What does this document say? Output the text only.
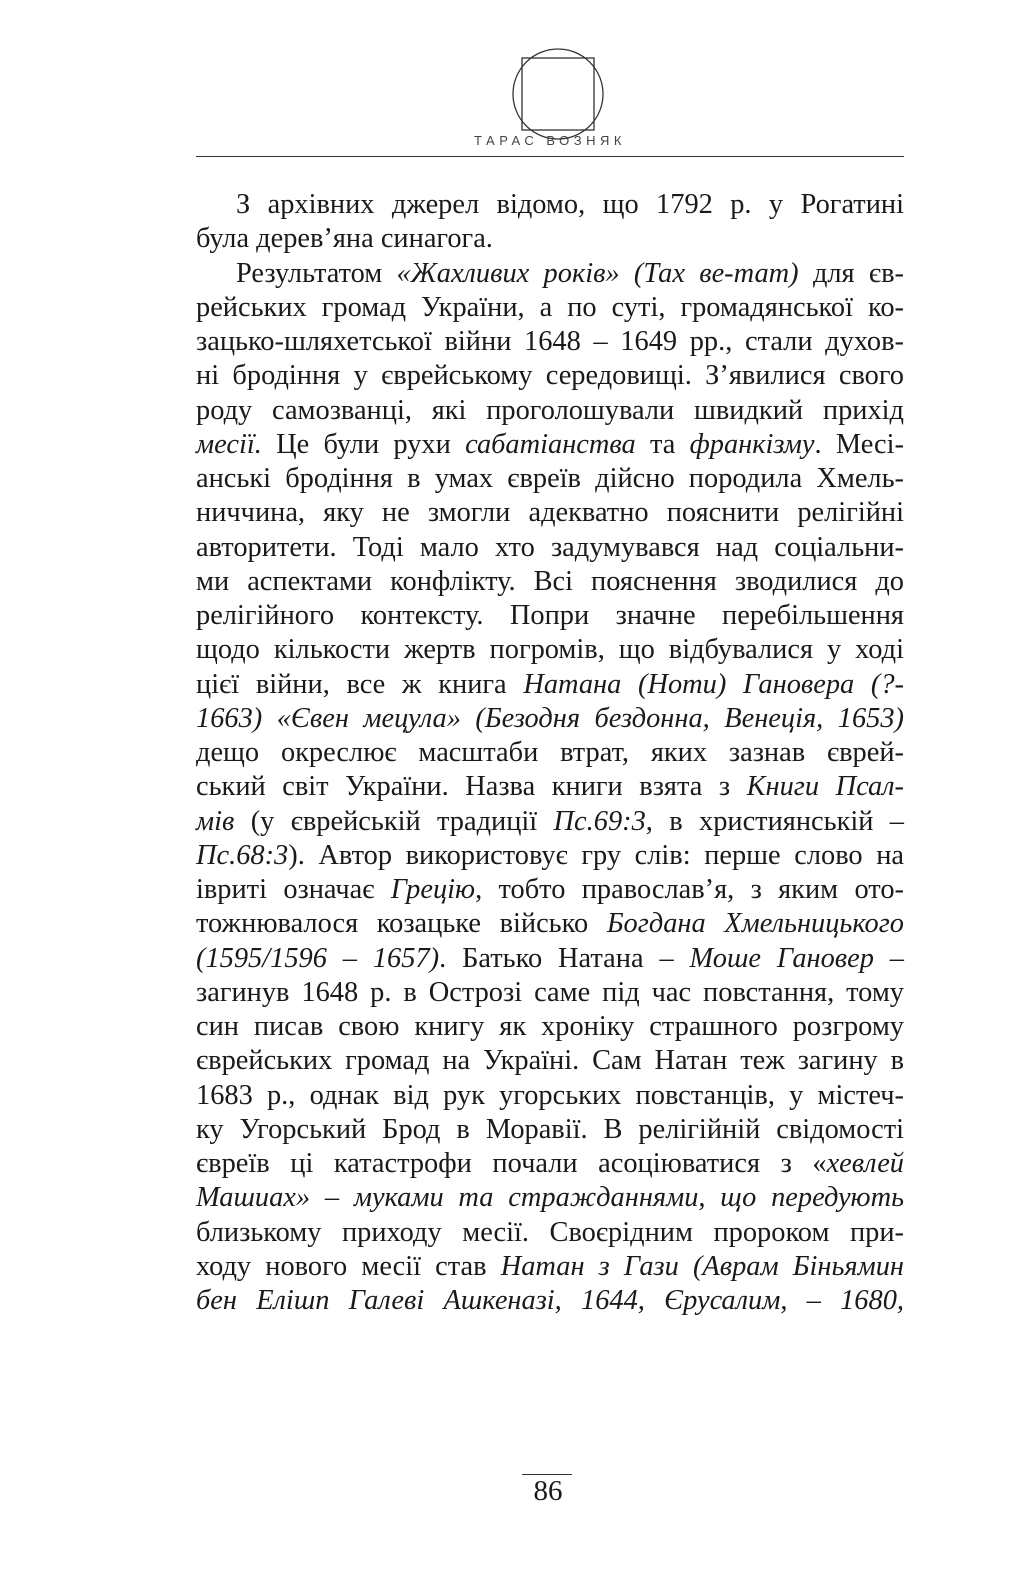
ТАРАС ВОЗНЯК

З архівних джерел відомо, що 1792 р. у Рогатині
була дерев’яна синагога.

Результатом «Жахливих років» (Тах ве-тат) для єв-
рейських громад України, а по суті, громадянської ко-
зацько-шляхетської війни 1648 – 1649 рр., стали духов-
ні бродіння у єврейському середовищі. З’явилися свого
роду самозванці, які проголошували швидкий прихід
месії. Це були рухи сабатіанства та франкізму. Месі-
анські бродіння в умах євреїв дійсно породила Хмель-
ниччина, яку не змогли адекватно пояснити релігійні
авторитети. Тоді мало хто задумувався над соціальни-
ми аспектами конфлікту. Всі пояснення зводилися до
релігійного контексту. Попри значне перебільшення
щодо кількости жертв погромів, що відбувалися у ході
цієї війни, все ж книга Натана (Ноти) Гановера (?-
1663) «Євен мецула» (Безодня бездонна, Венеція, 1653)
дещо окреслює масштаби втрат, яких зазнав єврей-
ський світ України. Назва книги взята з Книги Псал-
мів (у єврейській традиції Пс.69:3, в християнській –
Пс.68:3). Автор використовує гру слів: перше слово на
івриті означає Грецію, тобто православ’я, з яким ото-
тожнювалося козацьке військо Богдана Хмельницького
(1595/1596 – 1657). Батько Натана – Моше Гановер –
загинув 1648 р. в Острозі саме під час повстання, тому
син писав свою книгу як хроніку страшного розгрому
єврейських громад на Україні. Сам Натан теж загину в
1683 р., однак від рук угорських повстанців, у містеч-
ку Угорський Брод в Моравії. В релігійній свідомості
євреїв ці катастрофи почали асоціюватися з «хевлей
Машиах» – муками та стражданнями, що передують
близькому приходу месії. Своєрідним пророком при-
ходу нового месії став Натан з Гази (Аврам Біньямин
бен Елішп Галеві Ашкеназі, 1644, Єрусалим, – 1680,

86
